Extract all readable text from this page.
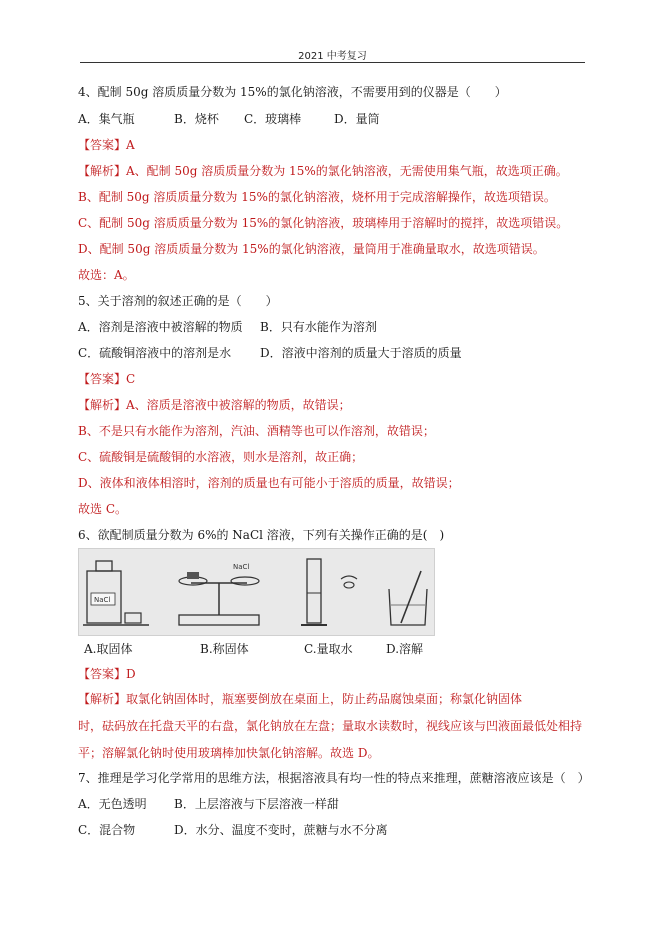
2021 中考复习
4、配制 50g 溶质质量分数为 15%的氯化钠溶液，不需要用到的仪器是（　　）
A．集气瓶	B．烧杯 C．玻璃棒	D．量筒
【答案】A
【解析】A、配制 50g 溶质质量分数为 15%的氯化钠溶液，无需使用集气瓶，故选项正确。
B、配制 50g 溶质质量分数为 15%的氯化钠溶液，烧杯用于完成溶解操作，故选项错误。
C、配制 50g 溶质质量分数为 15%的氯化钠溶液，玻璃棒用于溶解时的搅拌，故选项错误。
D、配制 50g 溶质质量分数为 15%的氯化钠溶液，量筒用于准确量取水，故选项错误。
故选：A。
5、关于溶剂的叙述正确的是（　　）
A．溶剂是溶液中被溶解的物质 B．只有水能作为溶剂
C．硫酸铜溶液中的溶剂是水 D．溶液中溶剂的质量大于溶质的质量
【答案】C
【解析】A、溶质是溶液中被溶解的物质，故错误；
B、不是只有水能作为溶剂，汽油、酒精等也可以作溶剂，故错误；
C、硫酸铜是硫酸铜的水溶液，则水是溶剂，故正确；
D、液体和液体相溶时，溶剂的质量也有可能小于溶质的质量，故错误；
故选 C。
6、欲配制质量分数为 6%的 NaCl 溶液，下列有关操作正确的是(　)
NaCl
NaCl
A.取固体	B.称固体	C.量取水	D.溶解
【答案】D
【解析】取氯化钠固体时，瓶塞要倒放在桌面上，防止药品腐蚀桌面；称氯化钠固体　　　　　　　　　时，砝码放在托盘天平的右盘，氯化钠放在左盘；量取水读数时，视线应该与凹液面最低处相持平；溶解氯化钠时使用玻璃棒加快氯化钠溶解。故选 D。
7、推理是学习化学常用的思维方法，根据溶液具有均一性的特点来推理，蔗糖溶液应该是（　）
A．无色透明 B．上层溶液与下层溶液一样甜
C．混合物	D．水分、温度不变时，蔗糖与水不分离
